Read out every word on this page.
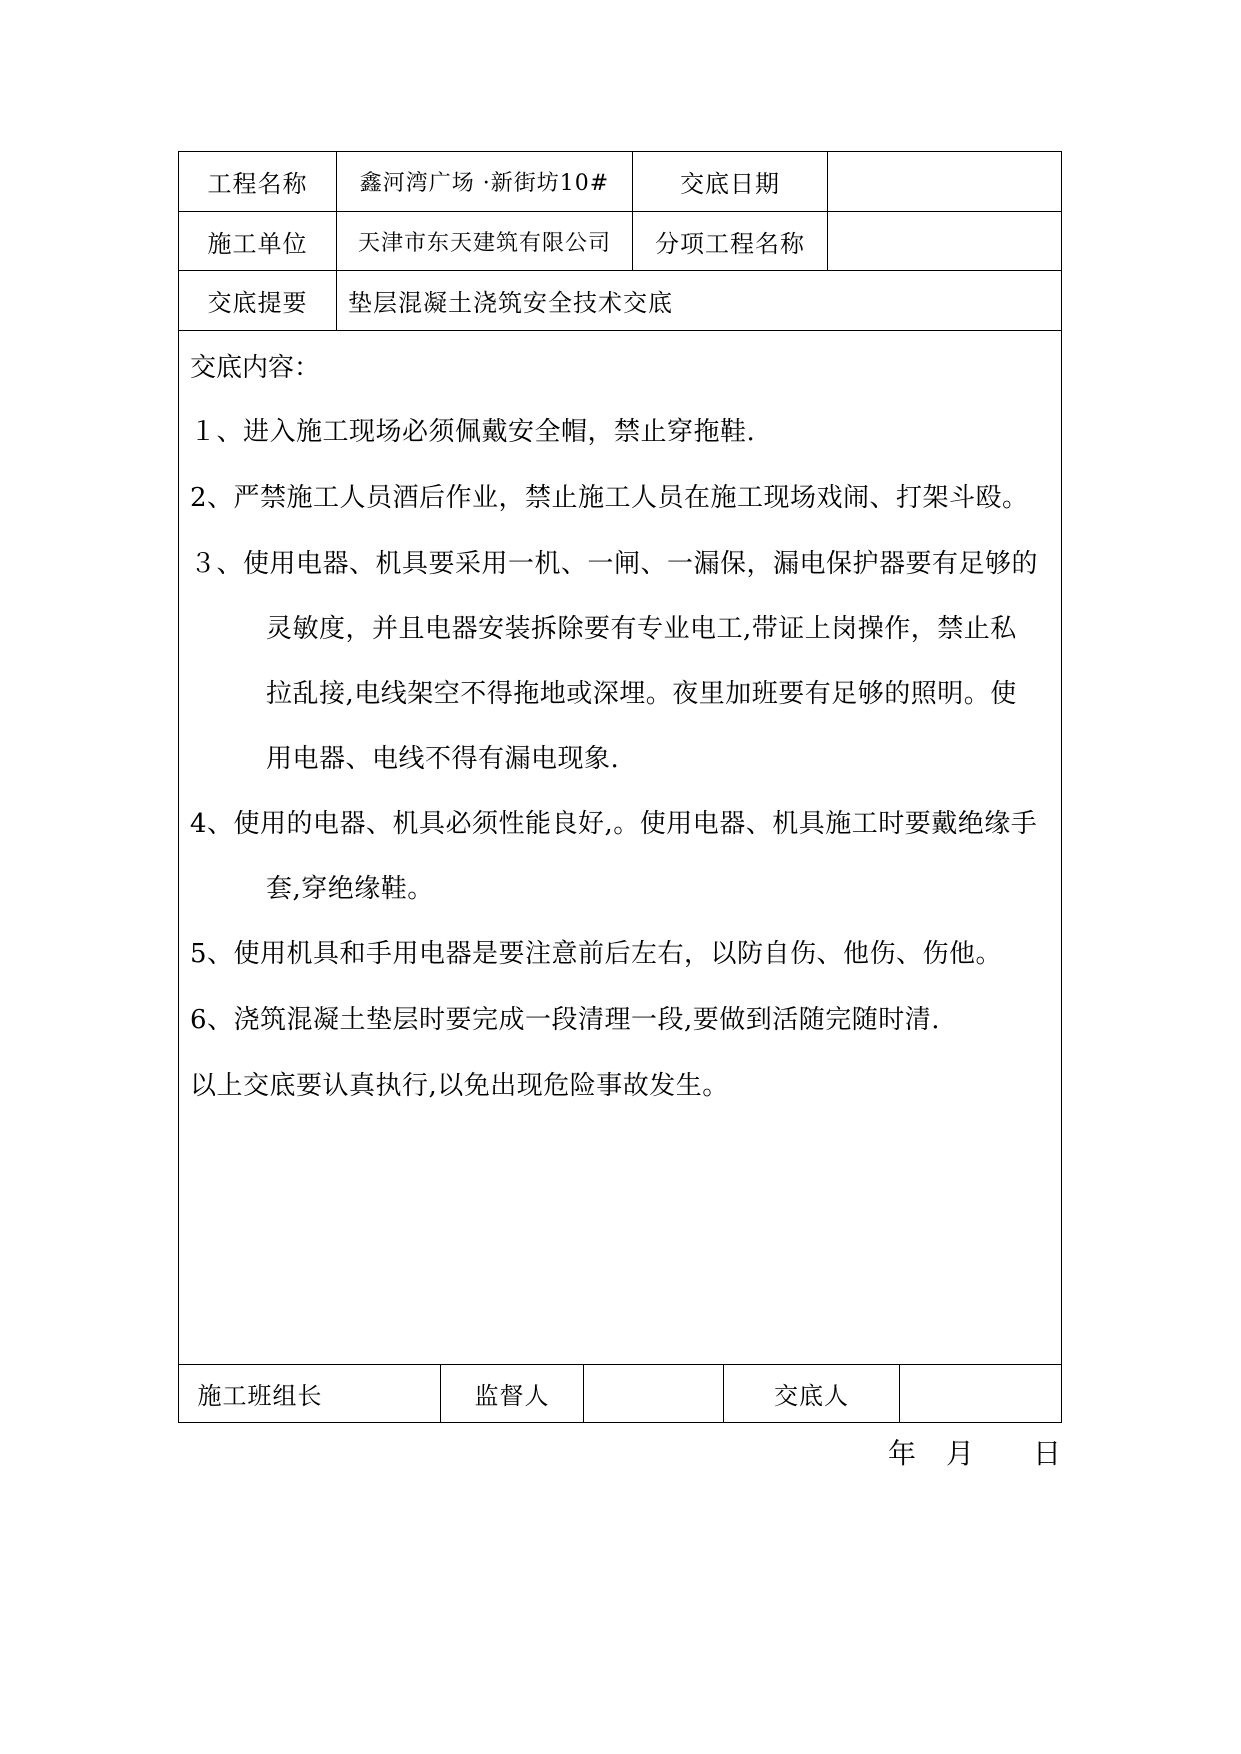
工程名称	鑫河湾广场 ·新街坊10#	交底日期
施工单位	天津市东天建筑有限公司	分项工程名称
交底提要	垫层混凝土浇筑安全技术交底
交底内容：
１、进入施工现场必须佩戴安全帽，禁止穿拖鞋.
2、严禁施工人员酒后作业，禁止施工人员在施工现场戏闹、打架斗殴。
３、使用电器、机具要采用一机、一闸、一漏保，漏电保护器要有足够的
灵敏度，并且电器安装拆除要有专业电工,带证上岗操作，禁止私
拉乱接,电线架空不得拖地或深埋。夜里加班要有足够的照明。使
用电器、电线不得有漏电现象.
4、使用的电器、机具必须性能良好,。使用电器、机具施工时要戴绝缘手
套,穿绝缘鞋。
5、使用机具和手用电器是要注意前后左右，以防自伤、他伤、伤他。
6、浇筑混凝土垫层时要完成一段清理一段,要做到活随完随时清.
以上交底要认真执行,以免出现危险事故发生。
施工班组长	监督人	交底人
年 月 日
